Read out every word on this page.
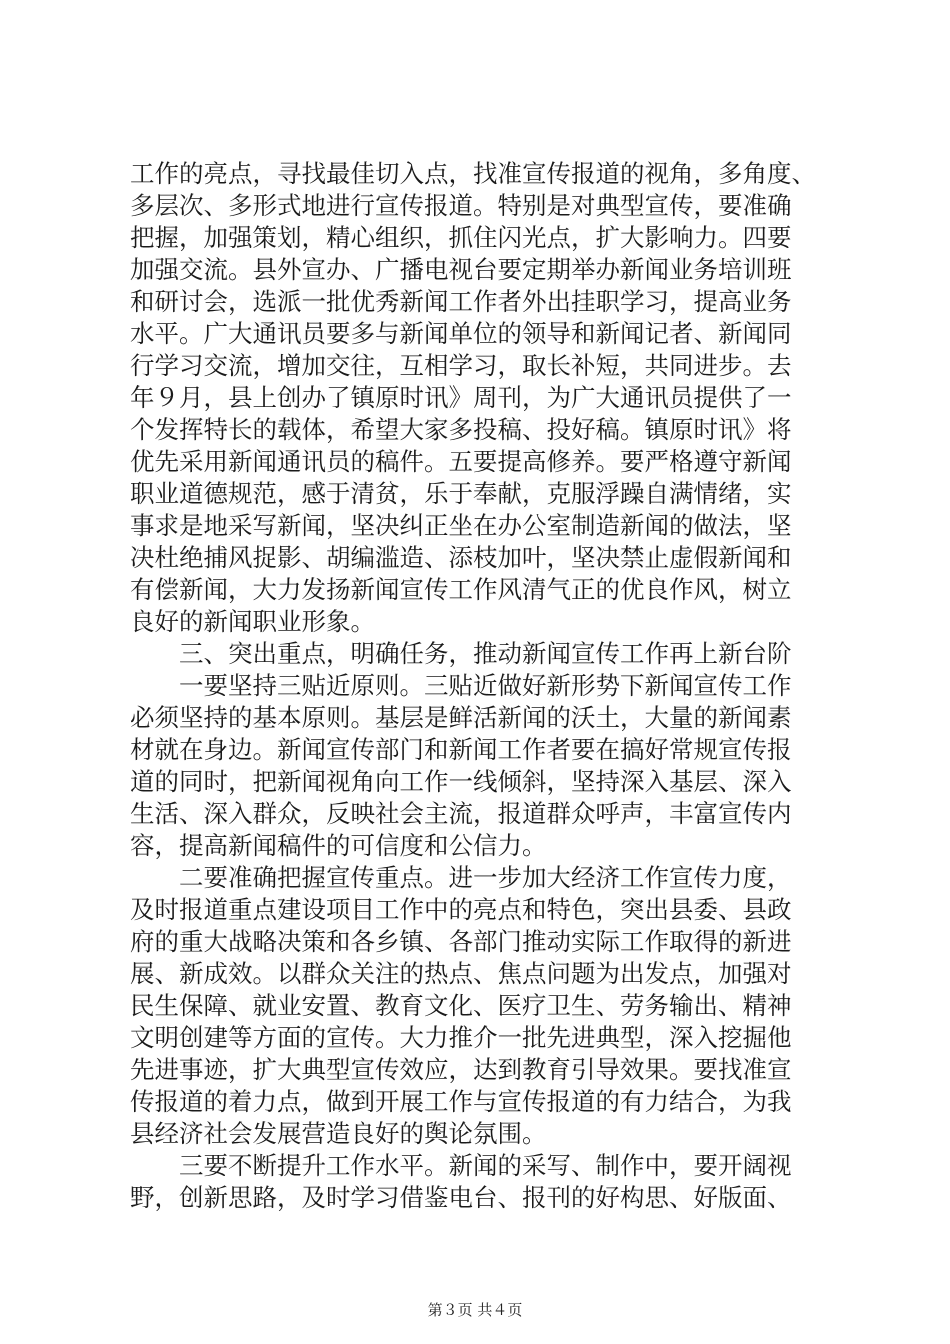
工作的亮点，寻找最佳切入点，找准宣传报道的视角，多角度、
多层次、多形式地进行宣传报道。特别是对典型宣传，要准确
把握，加强策划，精心组织，抓住闪光点，扩大影响力。四要
加强交流。县外宣办、广播电视台要定期举办新闻业务培训班
和研讨会，选派一批优秀新闻工作者外出挂职学习，提高业务
水平。广大通讯员要多与新闻单位的领导和新闻记者、新闻同
行学习交流，增加交往，互相学习，取长补短，共同进步。去
年９月，县上创办了镇原时讯》周刊，为广大通讯员提供了一
个发挥特长的载体，希望大家多投稿、投好稿。镇原时讯》将
优先采用新闻通讯员的稿件。五要提高修养。要严格遵守新闻
职业道德规范，感于清贫，乐于奉献，克服浮躁自满情绪，实
事求是地采写新闻，坚决纠正坐在办公室制造新闻的做法，坚
决杜绝捕风捉影、胡编滥造、添枝加叶，坚决禁止虚假新闻和
有偿新闻，大力发扬新闻宣传工作风清气正的优良作风，树立
良好的新闻职业形象。
　　三、突出重点，明确任务，推动新闻宣传工作再上新台阶
　　一要坚持三贴近原则。三贴近做好新形势下新闻宣传工作
必须坚持的基本原则。基层是鲜活新闻的沃土，大量的新闻素
材就在身边。新闻宣传部门和新闻工作者要在搞好常规宣传报
道的同时，把新闻视角向工作一线倾斜，坚持深入基层、深入
生活、深入群众，反映社会主流，报道群众呼声，丰富宣传内
容，提高新闻稿件的可信度和公信力。
　　二要准确把握宣传重点。进一步加大经济工作宣传力度，
及时报道重点建设项目工作中的亮点和特色，突出县委、县政
府的重大战略决策和各乡镇、各部门推动实际工作取得的新进
展、新成效。以群众关注的热点、焦点问题为出发点，加强对
民生保障、就业安置、教育文化、医疗卫生、劳务输出、精神
文明创建等方面的宣传。大力推介一批先进典型，深入挖掘他
先进事迹，扩大典型宣传效应，达到教育引导效果。要找准宣
传报道的着力点，做到开展工作与宣传报道的有力结合，为我
县经济社会发展营造良好的舆论氛围。
　　三要不断提升工作水平。新闻的采写、制作中，要开阔视
野，创新思路，及时学习借鉴电台、报刊的好构思、好版面、
第３页 共４页
